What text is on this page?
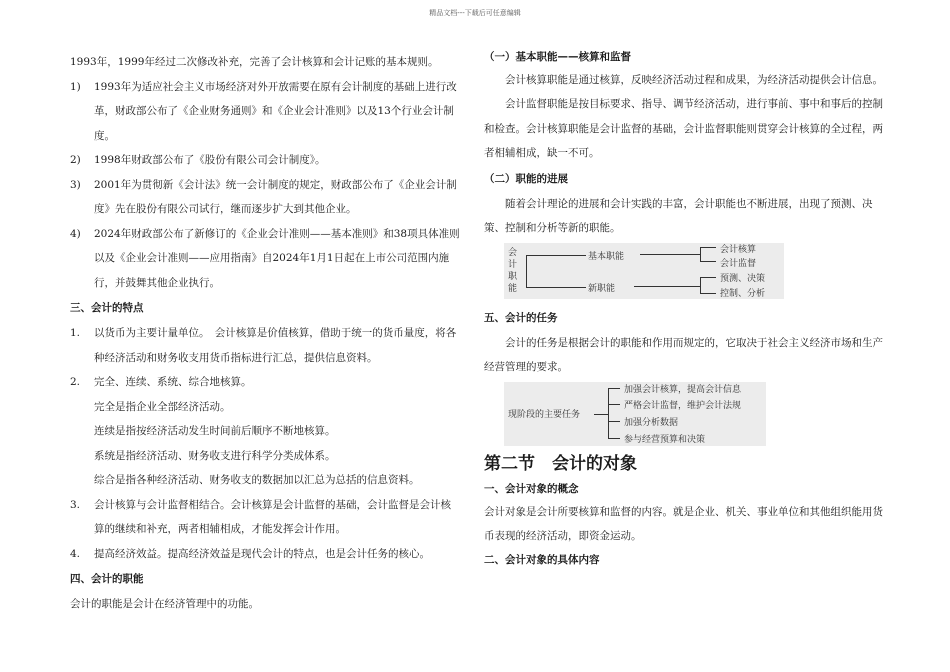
精品文档---下载后可任意编辑

1993年，1999年经过二次修改补充，完善了会计核算和会计记账的基本规则。

1) 1993年为适应社会主义市场经济对外开放需要在原有会计制度的基础上进行改革，财政部公布了《企业财务通则》和《企业会计准则》以及13个行业会计制度。
2) 1998年财政部公布了《股份有限公司会计制度》。
3) 2001年为贯彻新《会计法》统一会计制度的规定，财政部公布了《企业会计制度》先在股份有限公司试行，继而逐步扩大到其他企业。
4) 2024年财政部公布了新修订的《企业会计准则——基本准则》和38项具体准则以及《企业会计准则——应用指南》自2024年1月1日起在上市公司范围内施行，并鼓舞其他企业执行。

三、会计的特点

1. 以货币为主要计量单位。　会计核算是价值核算，借助于统一的货币量度，将各种经济活动和财务收支用货币指标进行汇总，提供信息资料。
2. 完全、连续、系统、综合地核算。

完全是指企业全部经济活动。

连续是指按经济活动发生时间前后顺序不断地核算。

系统是指经济活动、财务收支进行科学分类成体系。

综合是指各种经济活动、财务收支的数据加以汇总为总括的信息资料。

3. 会计核算与会计监督相结合。会计核算是会计监督的基础，会计监督是会计核算的继续和补充，两者相辅相成，才能发挥会计作用。
4. 提高经济效益。提高经济效益是现代会计的特点，也是会计任务的核心。

四、会计的职能

会计的职能是会计在经济管理中的功能。

（一）基本职能——核算和监督

会计核算职能是通过核算，反映经济活动过程和成果，为经济活动提供会计信息。

会计监督职能是按目标要求、指导、调节经济活动，进行事前、事中和事后的控制和检查。会计核算职能是会计监督的基础，会计监督职能则贯穿会计核算的全过程，两者相辅相成，缺一不可。

（二）职能的进展

随着会计理论的进展和会计实践的丰富，会计职能也不断进展，出现了预测、决策、控制和分析等新的职能。

会计职能
基本职能
新职能
会计核算
会计监督
预测、决策
控制、分析

五、会计的任务

会计的任务是根据会计的职能和作用而规定的，它取决于社会主义经济市场和生产经营管理的要求。

现阶段的主要任务
加强会计核算，提高会计信息
严格会计监督，维护会计法规
加强分析数据
参与经营预算和决策

第二节　会计的对象

一、会计对象的概念

会计对象是会计所要核算和监督的内容。就是企业、机关、事业单位和其他组织能用货币表现的经济活动，即资金运动。

二、会计对象的具体内容
